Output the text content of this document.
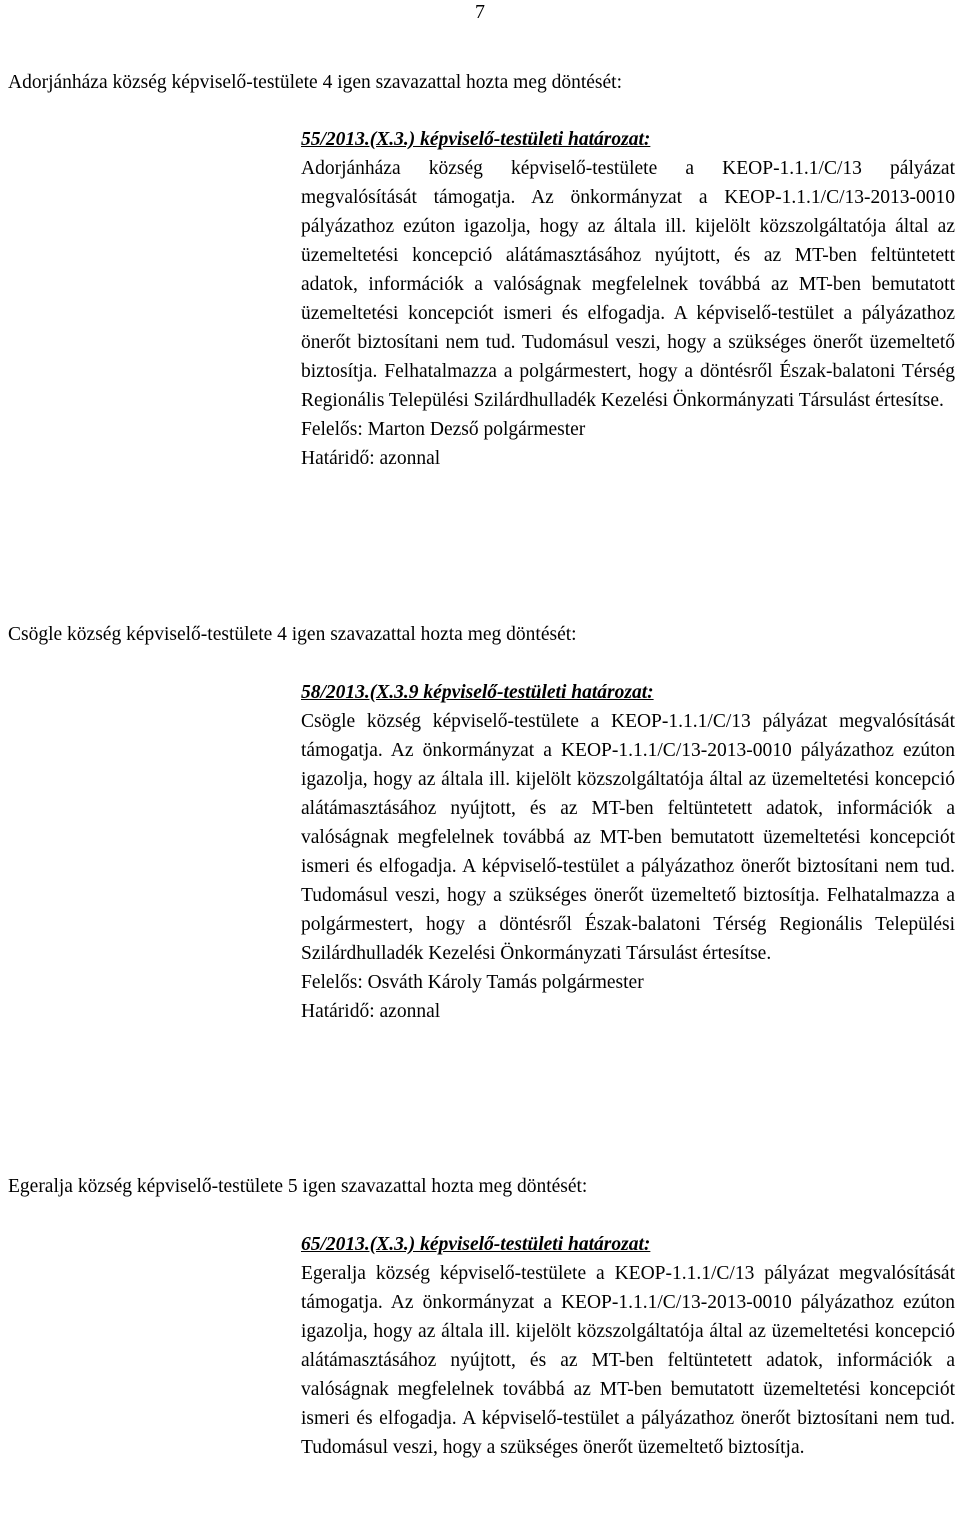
7
Adorjánháza község képviselő-testülete 4 igen szavazattal hozta meg döntését:

55/2013.(X.3.) képviselő-testületi határozat:

Adorjánháza község képviselő-testülete a KEOP-1.1.1/C/13 pályázat megvalósítását támogatja. Az önkormányzat a KEOP-1.1.1/C/13-2013-0010 pályázathoz ezúton igazolja, hogy az általa ill. kijelölt közszolgáltatója által az üzemeltetési koncepció alátámasztásához nyújtott, és az MT-ben feltüntetett adatok, információk a valóságnak megfelelnek továbbá az MT-ben bemutatott üzemeltetési koncepciót ismeri és elfogadja. A képviselő-testület a pályázathoz önerőt biztosítani nem tud. Tudomásul veszi, hogy a szükséges önerőt üzemeltető biztosítja. Felhatalmazza a polgármestert, hogy a döntésről Észak-balatoni Térség Regionális Települési Szilárdhulladék Kezelési Önkormányzati Társulást értesítse.

Felelős: Marton Dezső polgármester

Határidő: azonnal

Csögle község képviselő-testülete 4 igen szavazattal hozta meg döntését:

58/2013.(X.3.9 képviselő-testületi határozat:

Csögle község képviselő-testülete a KEOP-1.1.1/C/13 pályázat megvalósítását támogatja. Az önkormányzat a KEOP-1.1.1/C/13-2013-0010 pályázathoz ezúton igazolja, hogy az általa ill. kijelölt közszolgáltatója által az üzemeltetési koncepció alátámasztásához nyújtott, és az MT-ben feltüntetett adatok, információk a valóságnak megfelelnek továbbá az MT-ben bemutatott üzemeltetési koncepciót ismeri és elfogadja. A képviselő-testület a pályázathoz önerőt biztosítani nem tud. Tudomásul veszi, hogy a szükséges önerőt üzemeltető biztosítja. Felhatalmazza a polgármestert, hogy a döntésről Észak-balatoni Térség Regionális Települési Szilárdhulladék Kezelési Önkormányzati Társulást értesítse.

Felelős: Osváth Károly Tamás polgármester

Határidő: azonnal

Egeralja község képviselő-testülete 5 igen szavazattal hozta meg döntését:

65/2013.(X.3.) képviselő-testületi határozat:

Egeralja község képviselő-testülete a KEOP-1.1.1/C/13 pályázat megvalósítását támogatja. Az önkormányzat a KEOP-1.1.1/C/13-2013-0010 pályázathoz ezúton igazolja, hogy az általa ill. kijelölt közszolgáltatója által az üzemeltetési koncepció alátámasztásához nyújtott, és az MT-ben feltüntetett adatok, információk a valóságnak megfelelnek továbbá az MT-ben bemutatott üzemeltetési koncepciót ismeri és elfogadja. A képviselő-testület a pályázathoz önerőt biztosítani nem tud. Tudomásul veszi, hogy a szükséges önerőt üzemeltető biztosítja.
